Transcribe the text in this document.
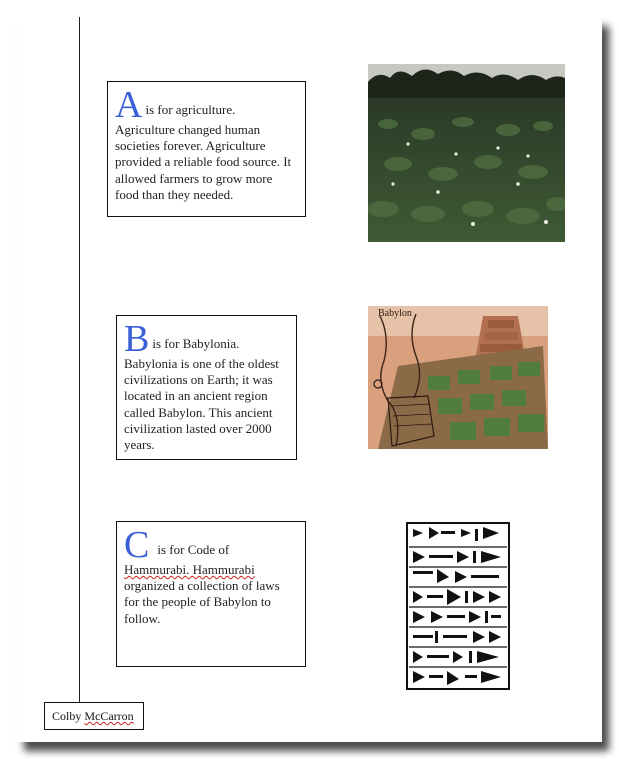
Ais for agriculture.
Agriculture changed human societies forever. Agriculture provided a reliable food source. It allowed farmers to grow more food than they needed.
Bis for Babylonia.
Babylonia is one of the oldest civilizations on Earth; it was located in an ancient region called Babylon. This ancient civilization lasted over 2000 years.
Cis for Code of
Hammurabi. Hammurabi organized a collection of laws for the people of Babylon to follow.
Babylon
Colby McCarron
